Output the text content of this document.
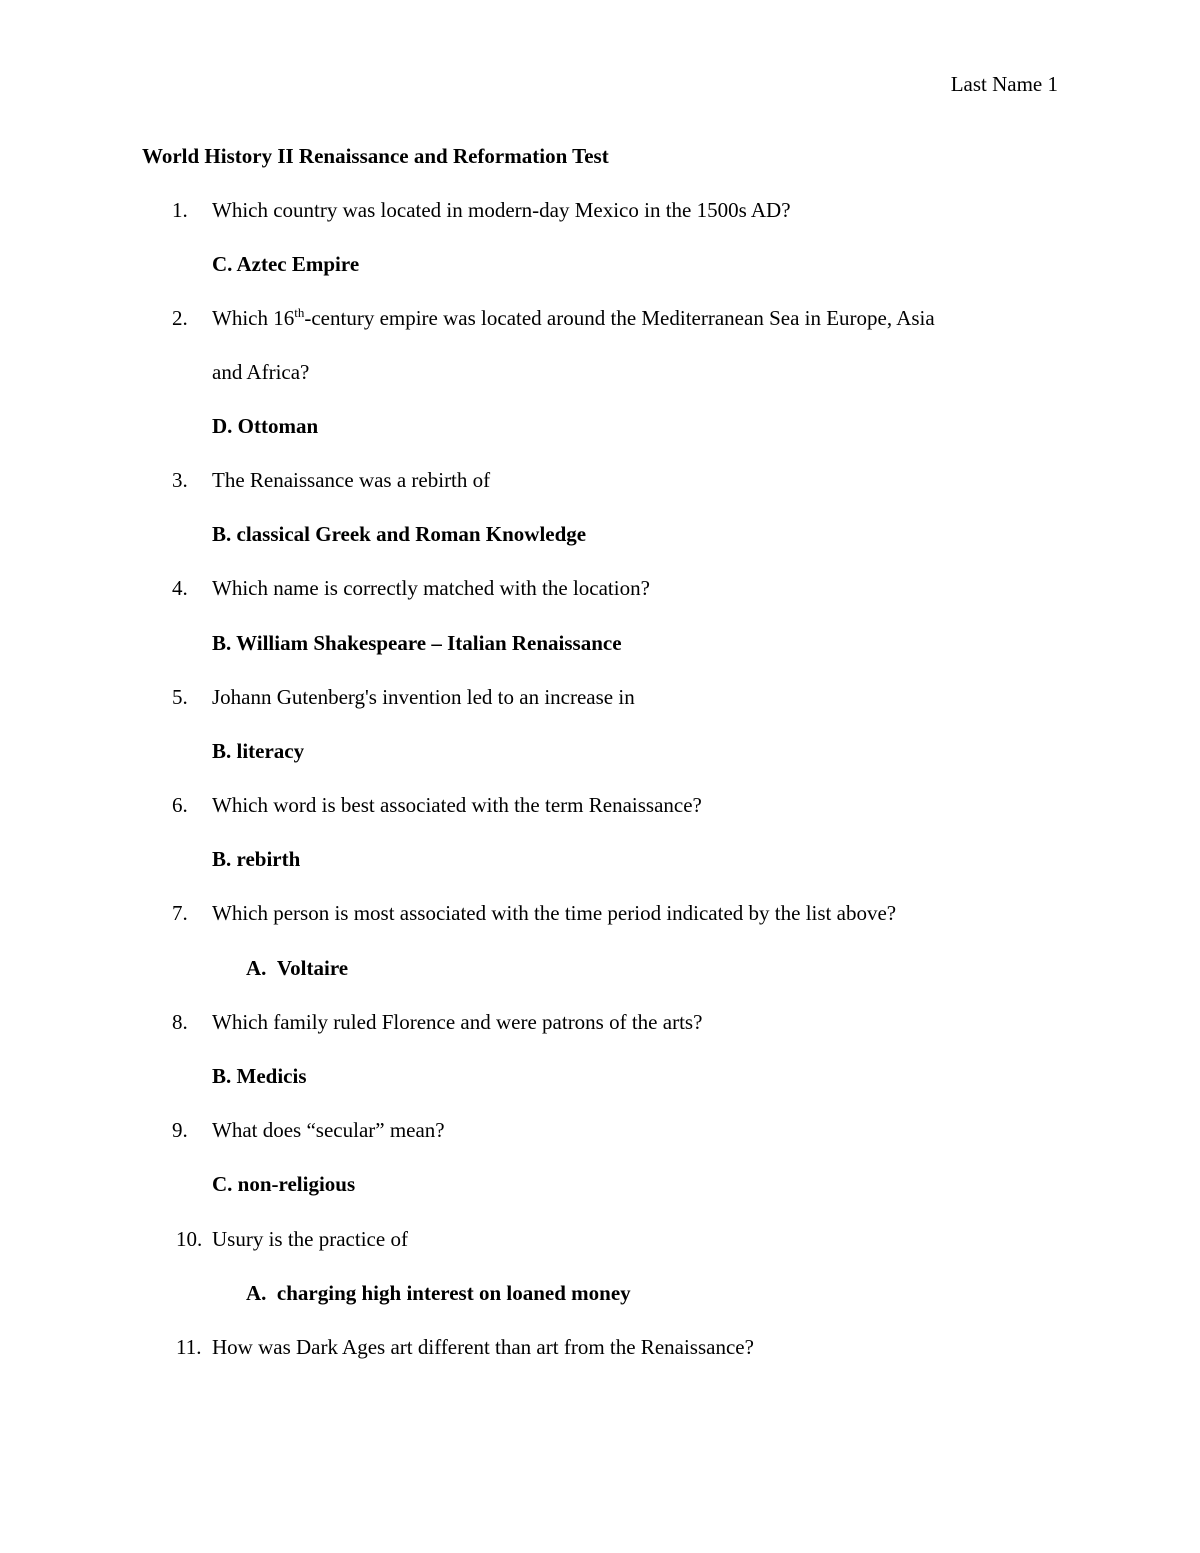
Last Name 1
World History II Renaissance and Reformation Test
1. Which country was located in modern-day Mexico in the 1500s AD?
C. Aztec Empire
2. Which 16th-century empire was located around the Mediterranean Sea in Europe, Asia
and Africa?
D. Ottoman
3. The Renaissance was a rebirth of
B. classical Greek and Roman Knowledge
4. Which name is correctly matched with the location?
B. William Shakespeare – Italian Renaissance
5. Johann Gutenberg's invention led to an increase in
B. literacy
6. Which word is best associated with the term Renaissance?
B. rebirth
7. Which person is most associated with the time period indicated by the list above?
A. Voltaire
8. Which family ruled Florence and were patrons of the arts?
B. Medicis
9. What does “secular” mean?
C. non-religious
10. Usury is the practice of
A. charging high interest on loaned money
11. How was Dark Ages art different than art from the Renaissance?
